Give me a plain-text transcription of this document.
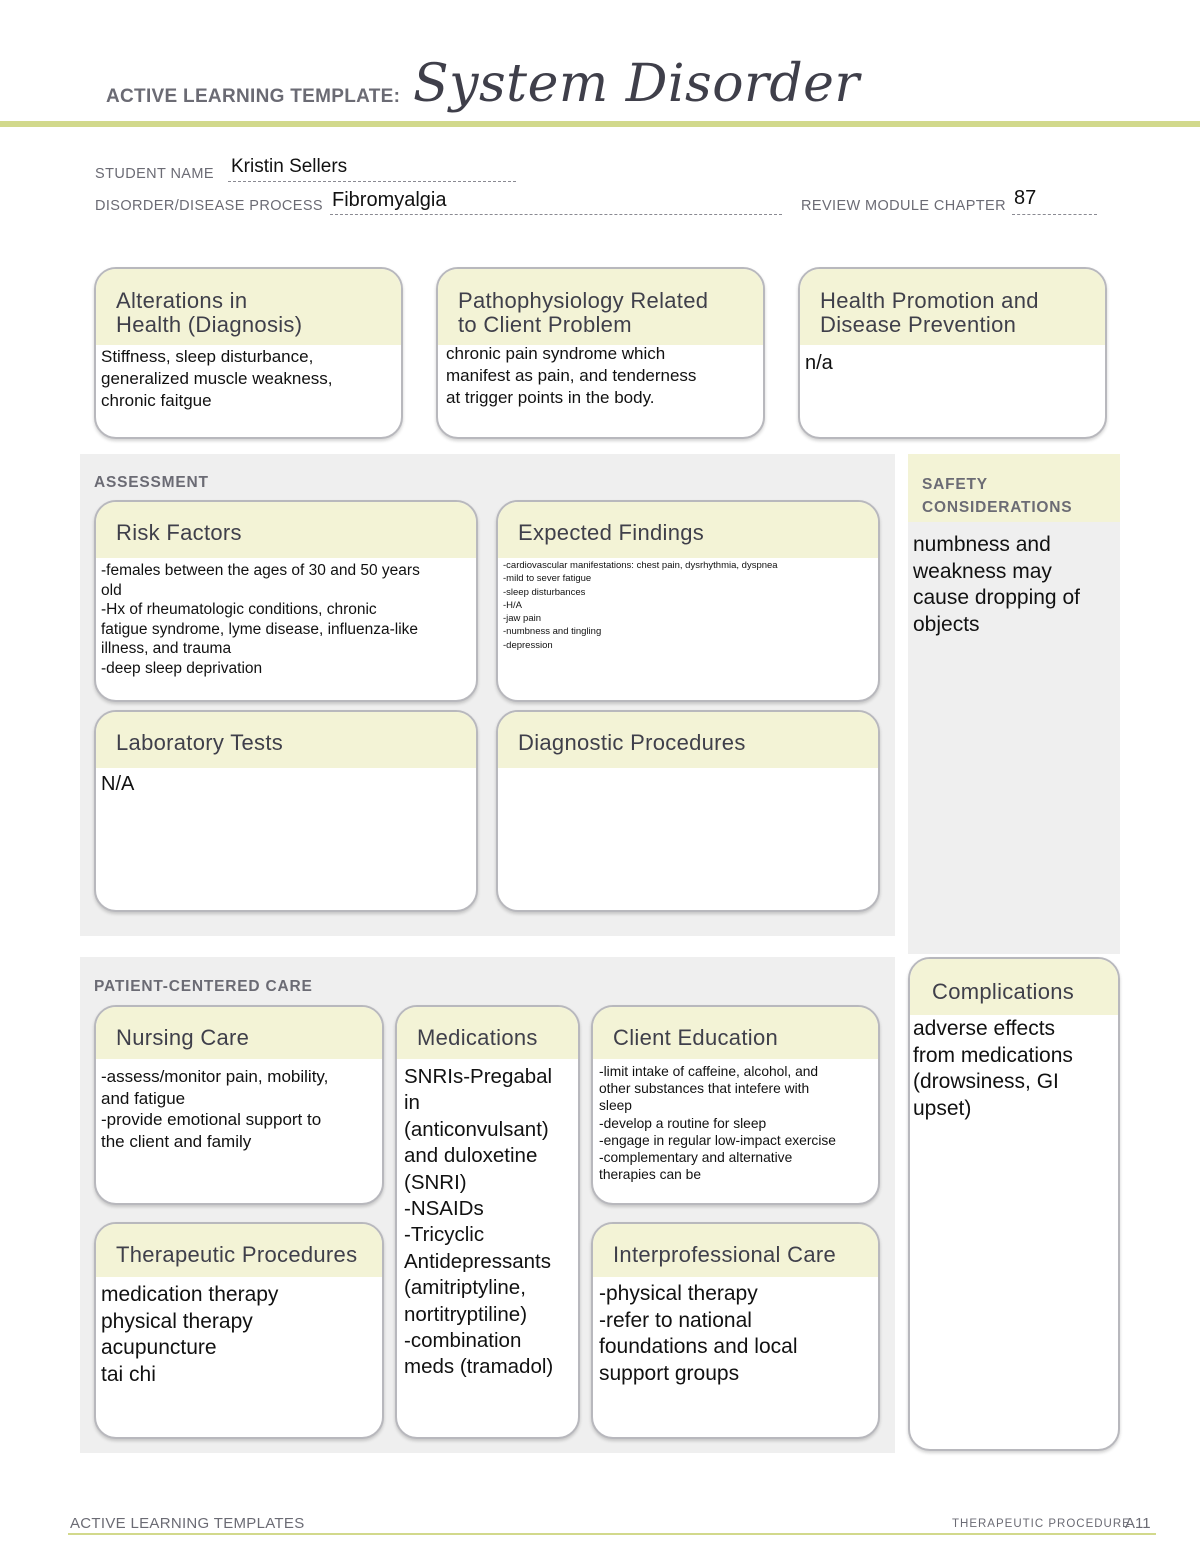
ACTIVE LEARNING TEMPLATE: System Disorder
STUDENT NAME Kristin Sellers
DISORDER/DISEASE PROCESS Fibromyalgia	REVIEW MODULE CHAPTER 87
Alterations in
Health (Diagnosis)
Stiffness, sleep disturbance,
generalized muscle weakness,
chronic faitgue
Pathophysiology Related
to Client Problem
chronic pain syndrome which
manifest as pain, and tenderness
at trigger points in the body.
Health Promotion and
Disease Prevention
n/a
ASSESSMENT
Risk Factors
-females between the ages of 30 and 50 years
old
-Hx of rheumatologic conditions, chronic
fatigue syndrome, lyme disease, influenza-like
illness, and trauma
-deep sleep deprivation
Expected Findings
-cardiovascular manifestations: chest pain, dysrhythmia, dyspnea
-mild to sever fatigue
-sleep disturbances
-H/A
-jaw pain
-numbness and tingling
-depression
Laboratory Tests
N/A
Diagnostic Procedures
SAFETY
CONSIDERATIONS
numbness and
weakness may
cause dropping of
objects
PATIENT-CENTERED CARE
Nursing Care
-assess/monitor pain, mobility,
and fatigue
-provide emotional support to
the client and family
Medications
SNRIs-Pregabal
in
(anticonvulsant)
and duloxetine
(SNRI)
-NSAIDs
-Tricyclic
Antidepressants
(amitriptyline,
nortitryptiline)
-combination
meds (tramadol)
Client Education
-limit intake of caffeine, alcohol, and
other substances that intefere with
sleep
-develop a routine for sleep
-engage in regular low-impact exercise
-complementary and alternative
therapies can be
Therapeutic Procedures
medication therapy
physical therapy
acupuncture
tai chi
Interprofessional Care
-physical therapy
-refer to national
foundations and local
support groups
Complications
adverse effects
from medications
(drowsiness, GI
upset)
ACTIVE LEARNING TEMPLATES	THERAPEUTIC PROCEDURE
A11
